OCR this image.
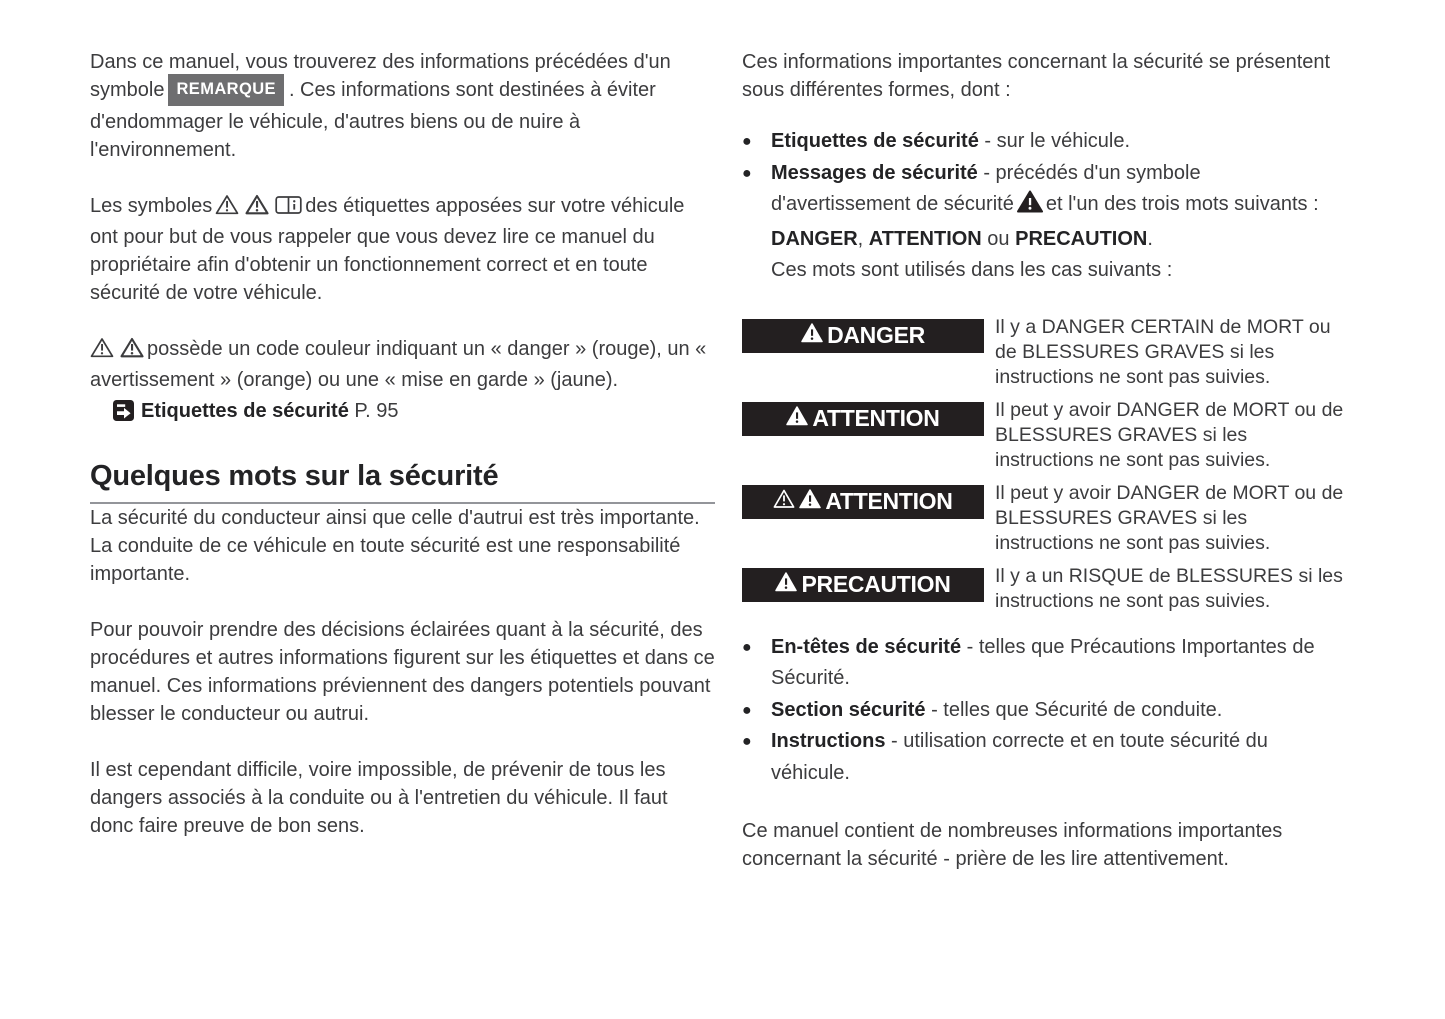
Dans ce manuel, vous trouverez des informations précédées d'un symbole REMARQUE . Ces informations sont destinées à éviter d'endommager le véhicule, d'autres biens ou de nuire à l'environnement.

Les symboles	des étiquettes apposées sur votre véhicule ont pour but de vous rappeler que vous devez lire ce manuel du propriétaire afin d'obtenir un fonctionnement correct et en toute sécurité de votre véhicule.

possède un code couleur indiquant un « danger » (rouge), un « avertissement » (orange) ou une « mise en garde » (jaune).

Etiquettes de sécurité P. 95
Quelques mots sur la sécurité

La sécurité du conducteur ainsi que celle d'autrui est très importante. La conduite de ce véhicule en toute sécurité est une responsabilité importante.

Pour pouvoir prendre des décisions éclairées quant à la sécurité, des procédures et autres informations figurent sur les étiquettes et dans ce manuel. Ces informations préviennent des dangers potentiels pouvant blesser le conducteur ou autrui.

Il est cependant difficile, voire impossible, de prévenir de tous les dangers associés à la conduite ou à l'entretien du véhicule. Il faut donc faire preuve de bon sens.

Ces informations importantes concernant la sécurité se présentent sous différentes formes, dont :

● Etiquettes de sécurité - sur le véhicule.
● Messages de sécurité - précédés d'un symbole d'avertissement de sécurité et l'un des trois mots suivants :
DANGER, ATTENTION ou PRECAUTION.
Ces mots sont utilisés dans les cas suivants :
DANGER	Il y a DANGER CERTAIN de MORT ou de BLESSURES GRAVES si les instructions ne sont pas suivies.
ATTENTION	Il peut y avoir DANGER de MORT ou de BLESSURES GRAVES si les instructions ne sont pas suivies.
ATTENTION Il peut y avoir DANGER de MORT ou de BLESSURES GRAVES si les instructions ne sont pas suivies.
PRECAUTION Il y a un RISQUE de BLESSURES si les instructions ne sont pas suivies.
● En-têtes de sécurité - telles que Précautions Importantes de Sécurité.
● Section sécurité - telles que Sécurité de conduite.
● Instructions - utilisation correcte et en toute sécurité du véhicule.

Ce manuel contient de nombreuses informations importantes concernant la sécurité - prière de les lire attentivement.
